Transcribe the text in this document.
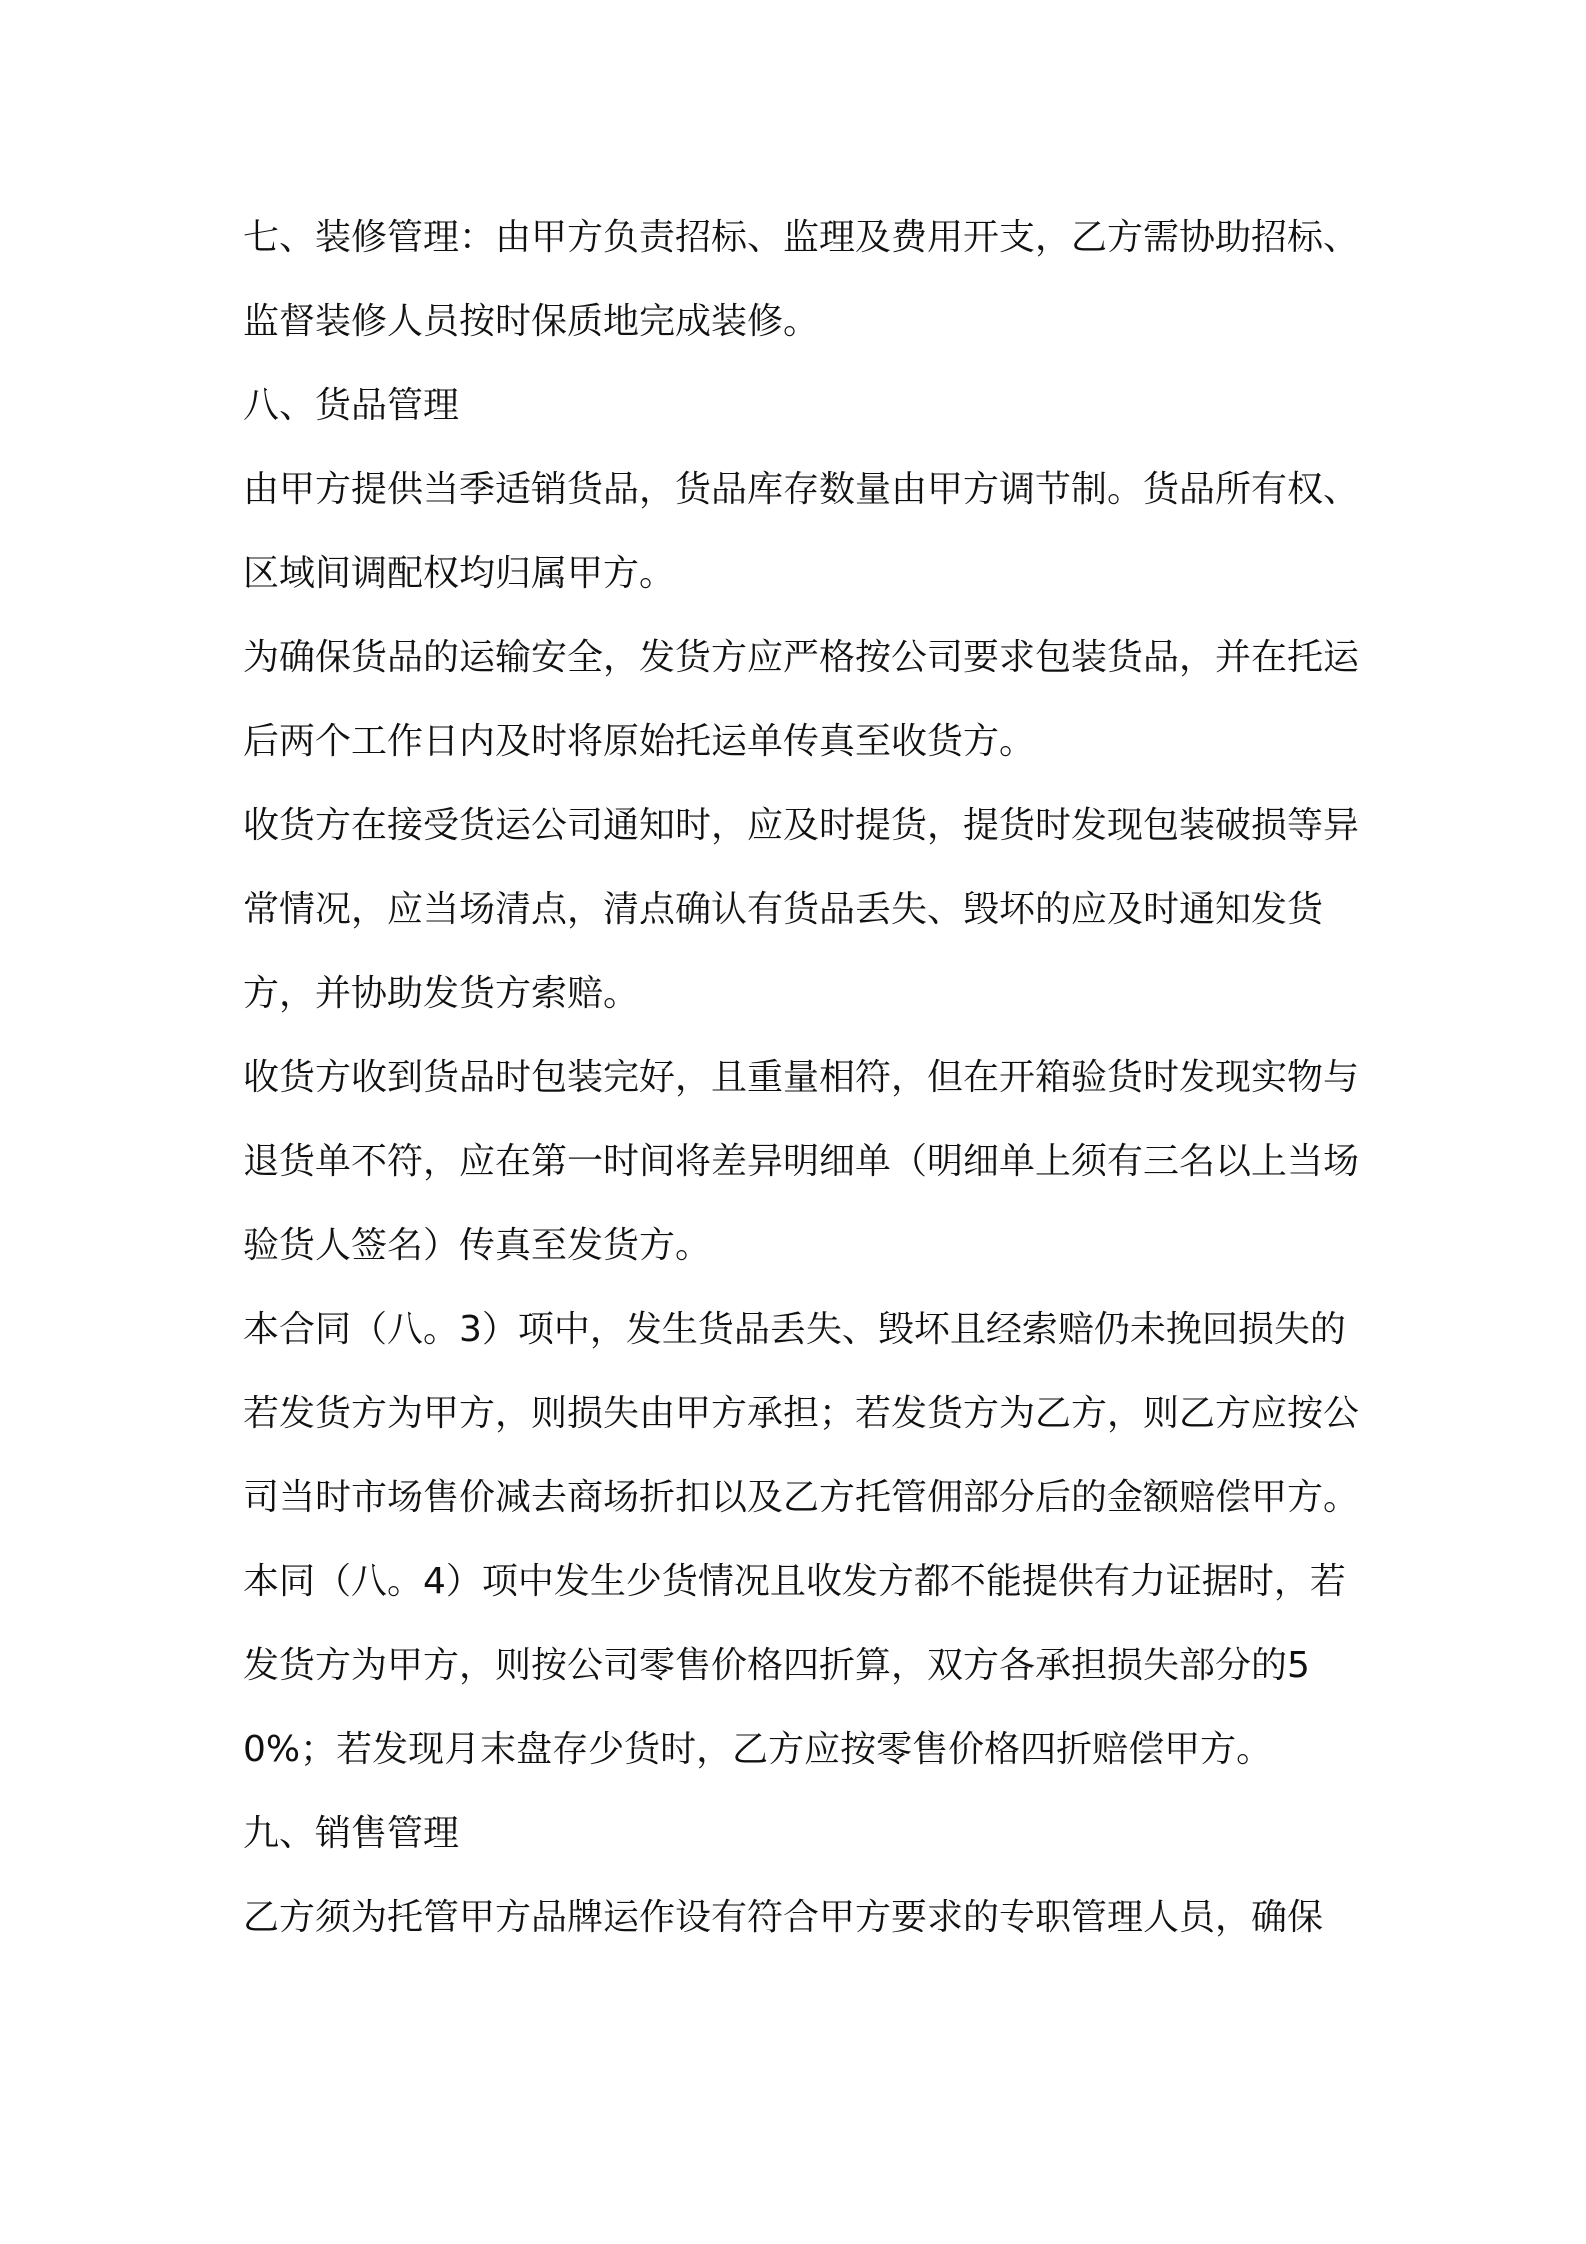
七、装修管理：由甲方负责招标、监理及费用开支，乙方需协助招标、监督装修人员按时保质地完成装修。

八、货品管理

由甲方提供当季适销货品，货品库存数量由甲方调节制。货品所有权、区域间调配权均归属甲方。

为确保货品的运输安全，发货方应严格按公司要求包装货品，并在托运后两个工作日内及时将原始托运单传真至收货方。

收货方在接受货运公司通知时，应及时提货，提货时发现包装破损等异常情况，应当场清点，清点确认有货品丢失、毁坏的应及时通知发货方，并协助发货方索赔。

收货方收到货品时包装完好，且重量相符，但在开箱验货时发现实物与退货单不符，应在第一时间将差异明细单（明细单上须有三名以上当场验货人签名）传真至发货方。

本合同（八。3）项中，发生货品丢失、毁坏且经索赔仍未挽回损失的若发货方为甲方，则损失由甲方承担；若发货方为乙方，则乙方应按公司当时市场售价减去商场折扣以及乙方托管佣部分后的金额赔偿甲方。

本同（八。4）项中发生少货情况且收发方都不能提供有力证据时，若发货方为甲方，则按公司零售价格四折算，双方各承担损失部分的50%；若发现月末盘存少货时，乙方应按零售价格四折赔偿甲方。

九、销售管理

乙方须为托管甲方品牌运作设有符合甲方要求的专职管理人员，确保
